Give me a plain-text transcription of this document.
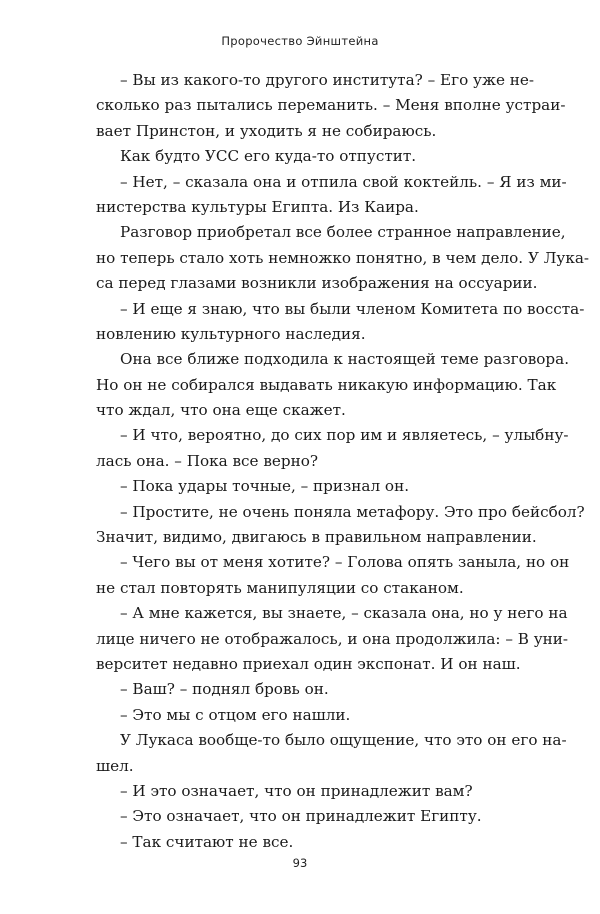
Пророчество Эйнштейна
– Вы из какого-то другого института? – Его уже не-
сколько раз пытались переманить. – Меня вполне устраи-
вает Принстон, и уходить я не собираюсь.
Как будто УСС его куда-то отпустит.
– Нет, – сказала она и отпила свой коктейль. – Я из ми-
нистерства культуры Египта. Из Каира.
Разговор приобретал все более странное направление,
но теперь стало хоть немножко понятно, в чем дело. У Лука-
са перед глазами возникли изображения на оссуарии.
– И еще я знаю, что вы были членом Комитета по восста-
новлению культурного наследия.
Она все ближе подходила к настоящей теме разговора.
Но он не собирался выдавать никакую информацию. Так
что ждал, что она еще скажет.
– И что, вероятно, до сих пор им и являетесь, – улыбну-
лась она. – Пока все верно?
– Пока удары точные, – признал он.
– Простите, не очень поняла метафору. Это про бейсбол?
Значит, видимо, двигаюсь в правильном направлении.
– Чего вы от меня хотите? – Голова опять заныла, но он
не стал повторять манипуляции со стаканом.
– А мне кажется, вы знаете, – сказала она, но у него на
лице ничего не отображалось, и она продолжила: – В уни-
верситет недавно приехал один экспонат. И он наш.
– Ваш? – поднял бровь он.
– Это мы с отцом его нашли.
У Лукаса вообще-то было ощущение, что это он его на-
шел.
– И это означает, что он принадлежит вам?
– Это означает, что он принадлежит Египту.
– Так считают не все.
93
